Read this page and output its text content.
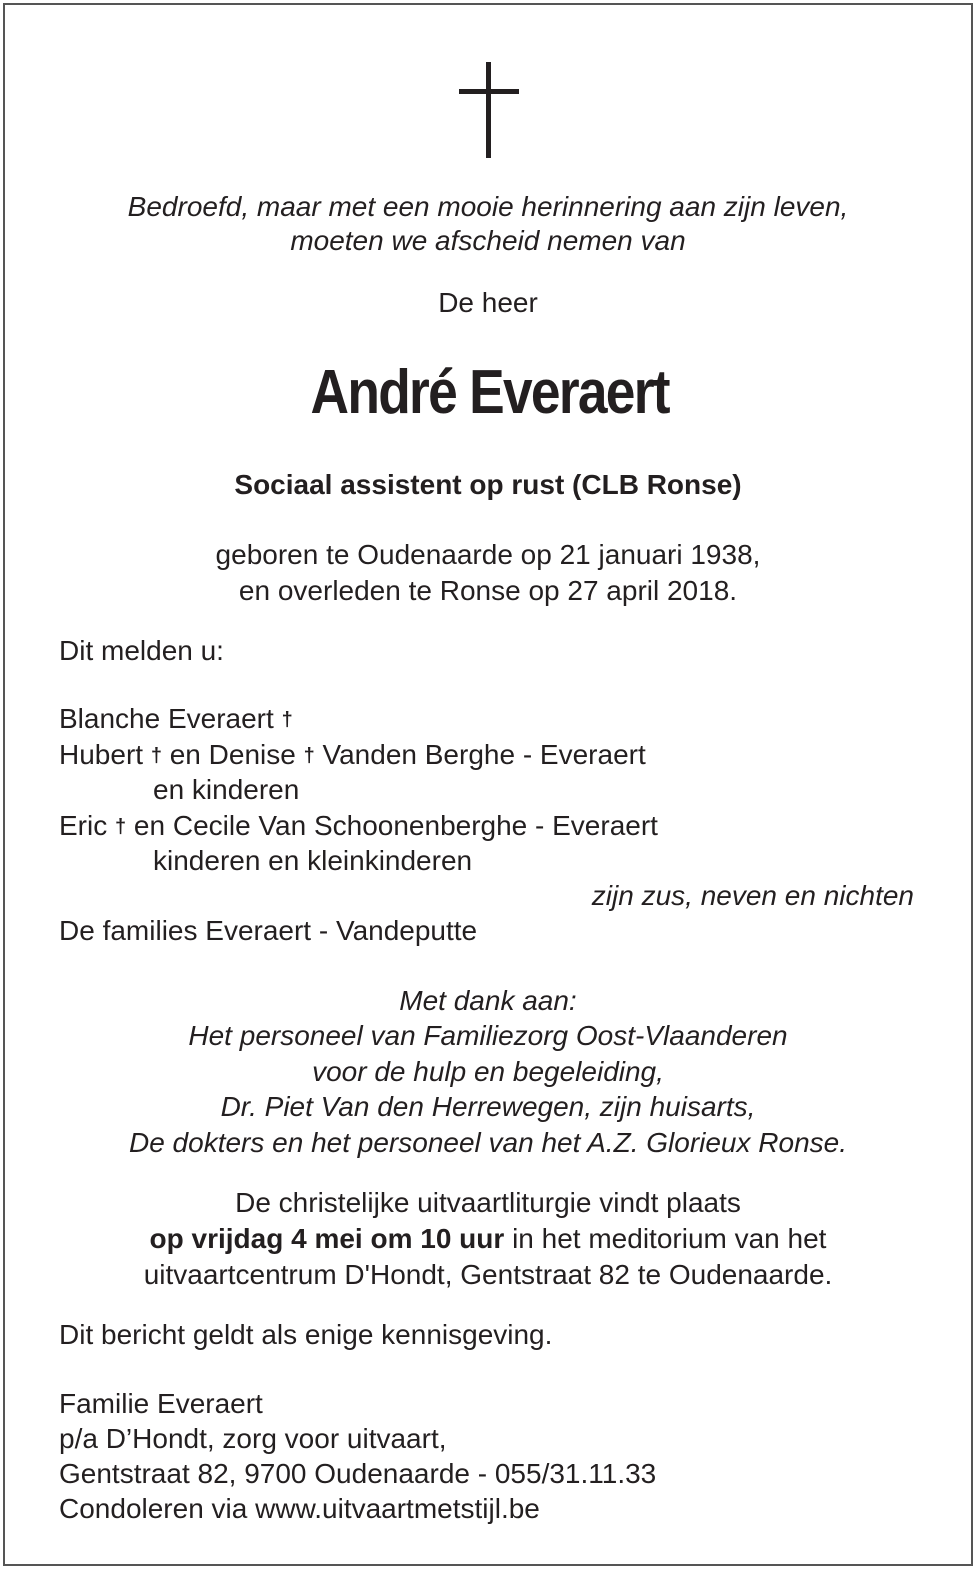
Bedroefd, maar met een mooie herinnering aan zijn leven,
moeten we afscheid nemen van
De heer
André Everaert
Sociaal assistent op rust (CLB Ronse)
geboren te Oudenaarde op 21 januari 1938,
en overleden te Ronse op 27 april 2018.
Dit melden u:
Blanche Everaert †
Hubert † en Denise † Vanden Berghe - Everaert
en kinderen
Eric † en Cecile Van Schoonenberghe - Everaert
kinderen en kleinkinderen
zijn zus, neven en nichten
De families Everaert - Vandeputte
Met dank aan:
Het personeel van Familiezorg Oost-Vlaanderen
voor de hulp en begeleiding,
Dr. Piet Van den Herrewegen, zijn huisarts,
De dokters en het personeel van het A.Z. Glorieux Ronse.
De christelijke uitvaartliturgie vindt plaats
op vrijdag 4 mei om 10 uur in het meditorium van het
uitvaartcentrum D'Hondt, Gentstraat 82 te Oudenaarde.
Dit bericht geldt als enige kennisgeving.
Familie Everaert
p/a D’Hondt, zorg voor uitvaart,
Gentstraat 82, 9700 Oudenaarde - 055/31.11.33
Condoleren via www.uitvaartmetstijl.be
